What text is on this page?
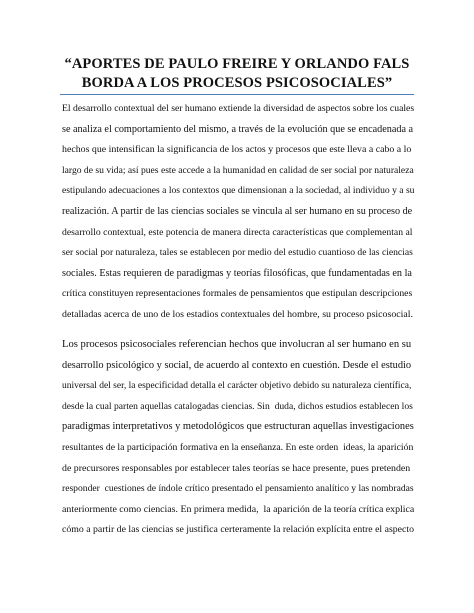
“APORTES DE PAULO FREIRE Y ORLANDO FALS
BORDA A LOS PROCESOS PSICOSOCIALES”
El desarrollo contextual del ser humano extiende la diversidad de aspectos sobre los cuales
se analiza el comportamiento del mismo, a través de la evolución que se encadenada a
hechos que intensifican la significancia de los actos y procesos que este lleva a cabo a lo
largo de su vida; así pues este accede a la humanidad en calidad de ser social por naturaleza
estipulando adecuaciones a los contextos que dimensionan a la sociedad, al individuo y a su
realización. A partir de las ciencias sociales se vincula al ser humano en su proceso de
desarrollo contextual, este potencia de manera directa características que complementan al
ser social por naturaleza, tales se establecen por medio del estudio cuantioso de las ciencias
sociales. Estas requieren de paradigmas y teorías filosóficas, que fundamentadas en la
crítica constituyen representaciones formales de pensamientos que estipulan descripciones
detalladas acerca de uno de los estadios contextuales del hombre, su proceso psicosocial.
Los procesos psicosociales referencian hechos que involucran al ser humano en su
desarrollo psicológico y social, de acuerdo al contexto en cuestión. Desde el estudio
universal del ser, la especificidad detalla el carácter objetivo debido su naturaleza científica,
desde la cual parten aquellas catalogadas ciencias. Sin  duda, dichos estudios establecen los
paradigmas interpretativos y metodológicos que estructuran aquellas investigaciones
resultantes de la participación formativa en la enseñanza. En este orden  ideas, la aparición
de precursores responsables por establecer tales teorías se hace presente, pues pretenden
responder  cuestiones de índole crítico presentado el pensamiento analítico y las nombradas
anteriormente como ciencias. En primera medida,  la aparición de la teoría crítica explica
cómo a partir de las ciencias se justifica certeramente la relación explícita entre el aspecto
